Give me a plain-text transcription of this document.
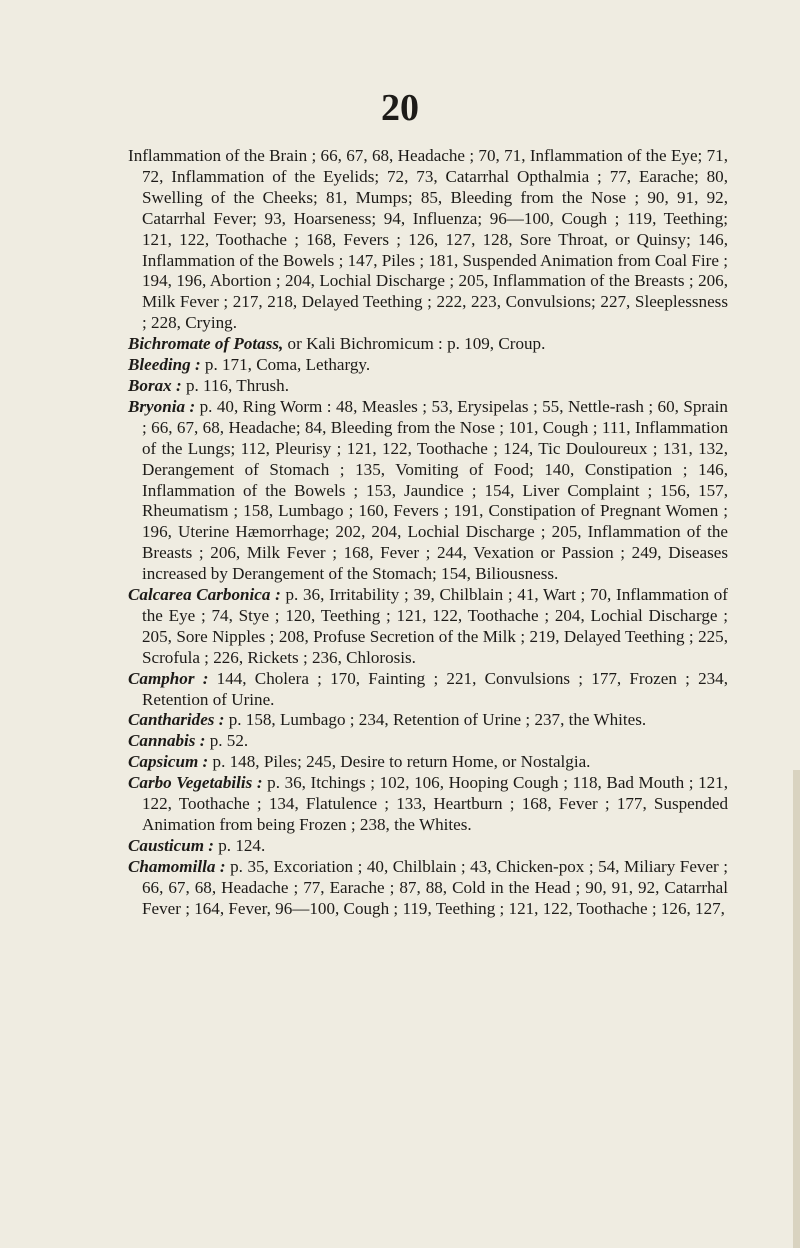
20

Inflammation of the Brain ; 66, 67, 68, Headache ; 70, 71, Inflammation of the Eye; 71, 72, Inflammation of the Eyelids; 72, 73, Catarrhal Opthalmia ; 77, Earache; 80, Swelling of the Cheeks; 81, Mumps; 85, Bleeding from the Nose ; 90, 91, 92, Catarrhal Fever; 93, Hoarseness; 94, Influenza; 96—100, Cough ; 119, Teething; 121, 122, Toothache ; 168, Fevers ; 126, 127, 128, Sore Throat, or Quinsy; 146, Inflammation of the Bowels ; 147, Piles ; 181, Suspended Animation from Coal Fire ; 194, 196, Abortion ; 204, Lochial Discharge ; 205, Inflammation of the Breasts ; 206, Milk Fever ; 217, 218, Delayed Teething ; 222, 223, Convulsions; 227, Sleeplessness ; 228, Crying.

Bichromate of Potass, or Kali Bichromicum : p. 109, Croup.

Bleeding : p. 171, Coma, Lethargy.

Borax : p. 116, Thrush.

Bryonia : p. 40, Ring Worm : 48, Measles ; 53, Erysipelas ; 55, Nettle-rash ; 60, Sprain ; 66, 67, 68, Headache; 84, Bleeding from the Nose ; 101, Cough ; 111, Inflammation of the Lungs; 112, Pleurisy ; 121, 122, Toothache ; 124, Tic Douloureux ; 131, 132, Derangement of Stomach ; 135, Vomiting of Food; 140, Constipation ; 146, Inflammation of the Bowels ; 153, Jaundice ; 154, Liver Complaint ; 156, 157, Rheumatism ; 158, Lumbago ; 160, Fevers ; 191, Constipation of Pregnant Women ; 196, Uterine Hæmorrhage; 202, 204, Lochial Discharge ; 205, Inflammation of the Breasts ; 206, Milk Fever ; 168, Fever ; 244, Vexation or Passion ; 249, Diseases increased by Derangement of the Stomach; 154, Biliousness.

Calcarea Carbonica : p. 36, Irritability ; 39, Chilblain ; 41, Wart ; 70, Inflammation of the Eye ; 74, Stye ; 120, Teething ; 121, 122, Toothache ; 204, Lochial Discharge ; 205, Sore Nipples ; 208, Profuse Secretion of the Milk ; 219, Delayed Teething ; 225, Scrofula ; 226, Rickets ; 236, Chlorosis.

Camphor : 144, Cholera ; 170, Fainting ; 221, Convulsions ; 177, Frozen ; 234, Retention of Urine.

Cantharides : p. 158, Lumbago ; 234, Retention of Urine ; 237, the Whites.

Cannabis : p. 52.

Capsicum : p. 148, Piles; 245, Desire to return Home, or Nostalgia.

Carbo Vegetabilis : p. 36, Itchings ; 102, 106, Hooping Cough ; 118, Bad Mouth ; 121, 122, Toothache ; 134, Flatulence ; 133, Heartburn ; 168, Fever ; 177, Suspended Animation from being Frozen ; 238, the Whites.

Causticum : p. 124.

Chamomilla : p. 35, Excoriation ; 40, Chilblain ; 43, Chicken-pox ; 54, Miliary Fever ; 66, 67, 68, Headache ; 77, Earache ; 87, 88, Cold in the Head ; 90, 91, 92, Catarrhal Fever ; 164, Fever, 96—100, Cough ; 119, Teething ; 121, 122, Toothache ; 126, 127,
